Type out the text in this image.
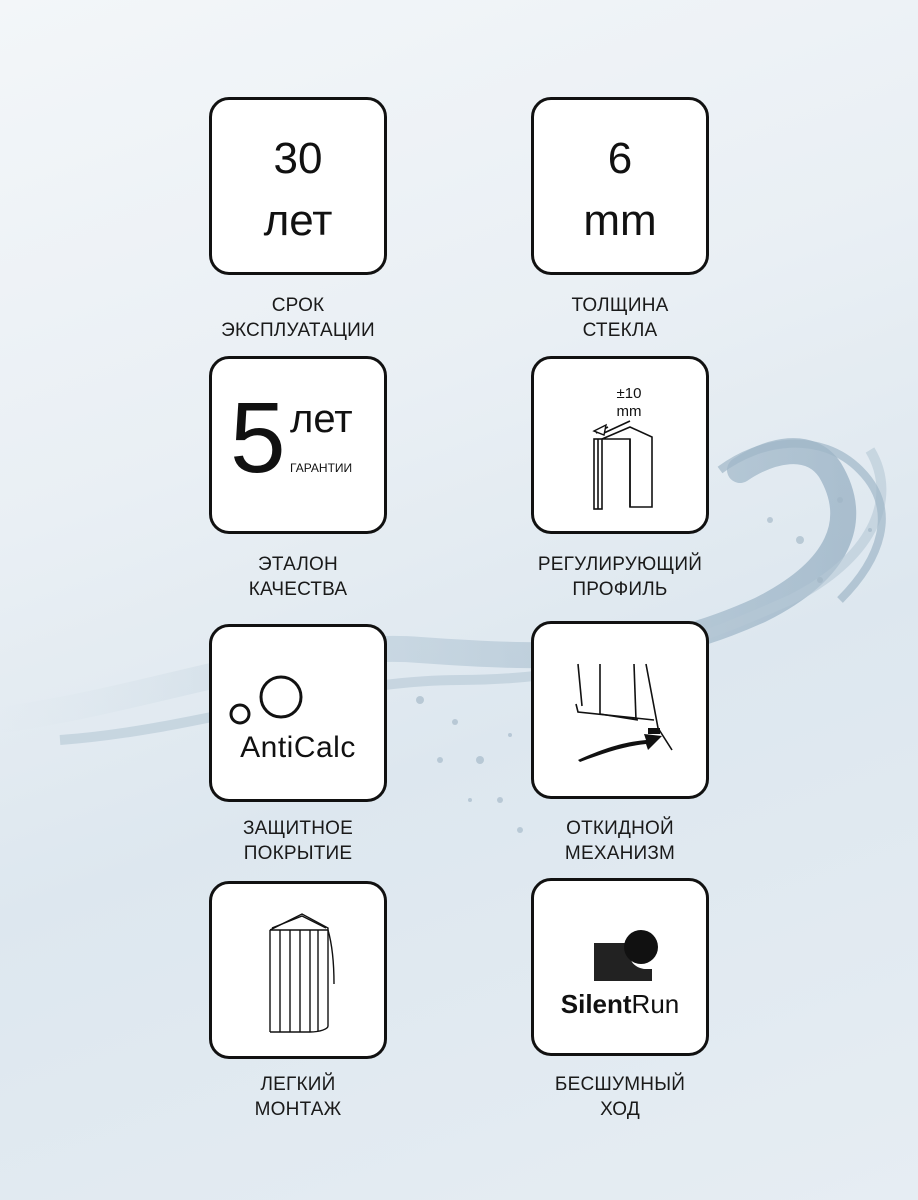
30
лет
СРОК
ЭКСПЛУАТАЦИИ
6
mm
ТОЛЩИНА
СТЕКЛА
5 лет
ГАРАНТИИ
ЭТАЛОН
КАЧЕСТВА
±10
mm
РЕГУЛИРУЮЩИЙ
ПРОФИЛЬ
AntiCalc
ЗАЩИТНОЕ
ПОКРЫТИЕ
ОТКИДНОЙ
МЕХАНИЗМ
ЛЕГКИЙ
МОНТАЖ
SilentRun
БЕСШУМНЫЙ
ХОД
